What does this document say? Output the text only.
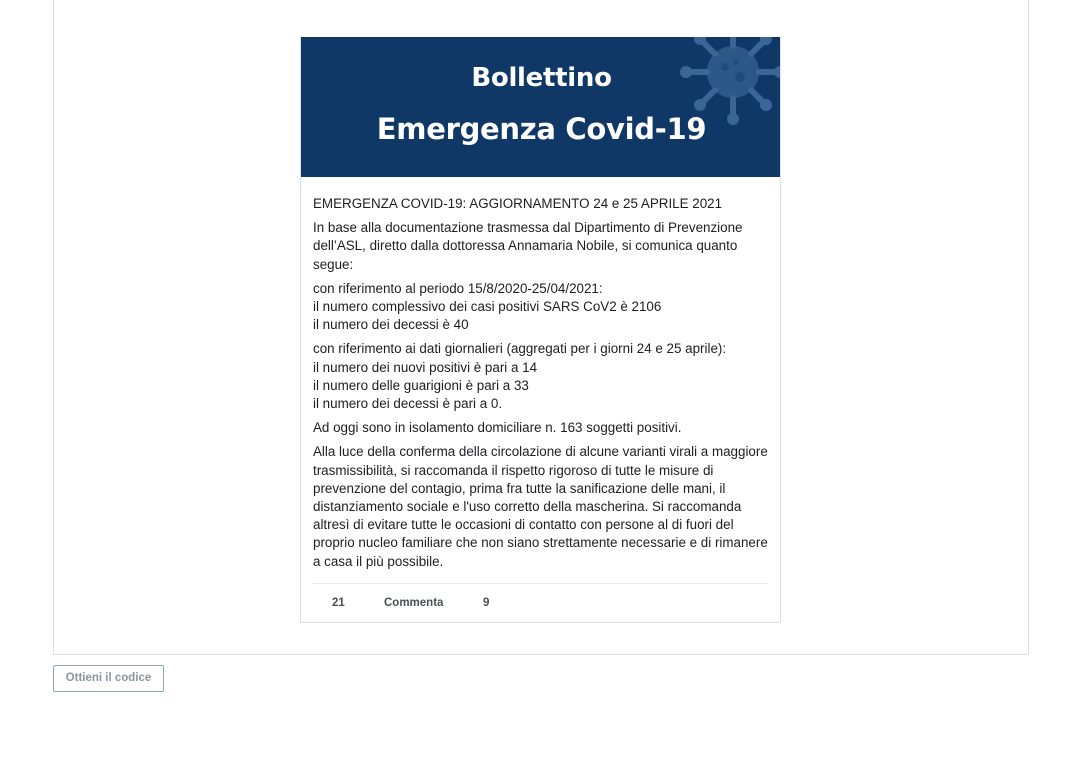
Bollettino
Emergenza Covid-19

EMERGENZA COVID-19: AGGIORNAMENTO 24 e 25 APRILE 2021

In base alla documentazione trasmessa dal Dipartimento di Prevenzione dell’ASL, diretto dalla dottoressa Annamaria Nobile, si comunica quanto segue:

con riferimento al periodo 15/8/2020-25/04/2021:
il numero complessivo dei casi positivi SARS CoV2 è 2106
il numero dei decessi è 40

con riferimento ai dati giornalieri (aggregati per i giorni 24 e 25 aprile):
il numero dei nuovi positivi è pari a 14
il numero delle guarigioni è pari a 33
il numero dei decessi è pari a 0.

Ad oggi sono in isolamento domiciliare n. 163 soggetti positivi.

Alla luce della conferma della circolazione di alcune varianti virali a maggiore trasmissibilità, si raccomanda il rispetto rigoroso di tutte le misure di prevenzione del contagio, prima fra tutte la sanificazione delle mani, il distanziamento sociale e l'uso corretto della mascherina. Si raccomanda altresì di evitare tutte le occasioni di contatto con persone al di fuori del proprio nucleo familiare che non siano strettamente necessarie e di rimanere a casa il più possibile.

21	Commenta	9
Ottieni il codice
